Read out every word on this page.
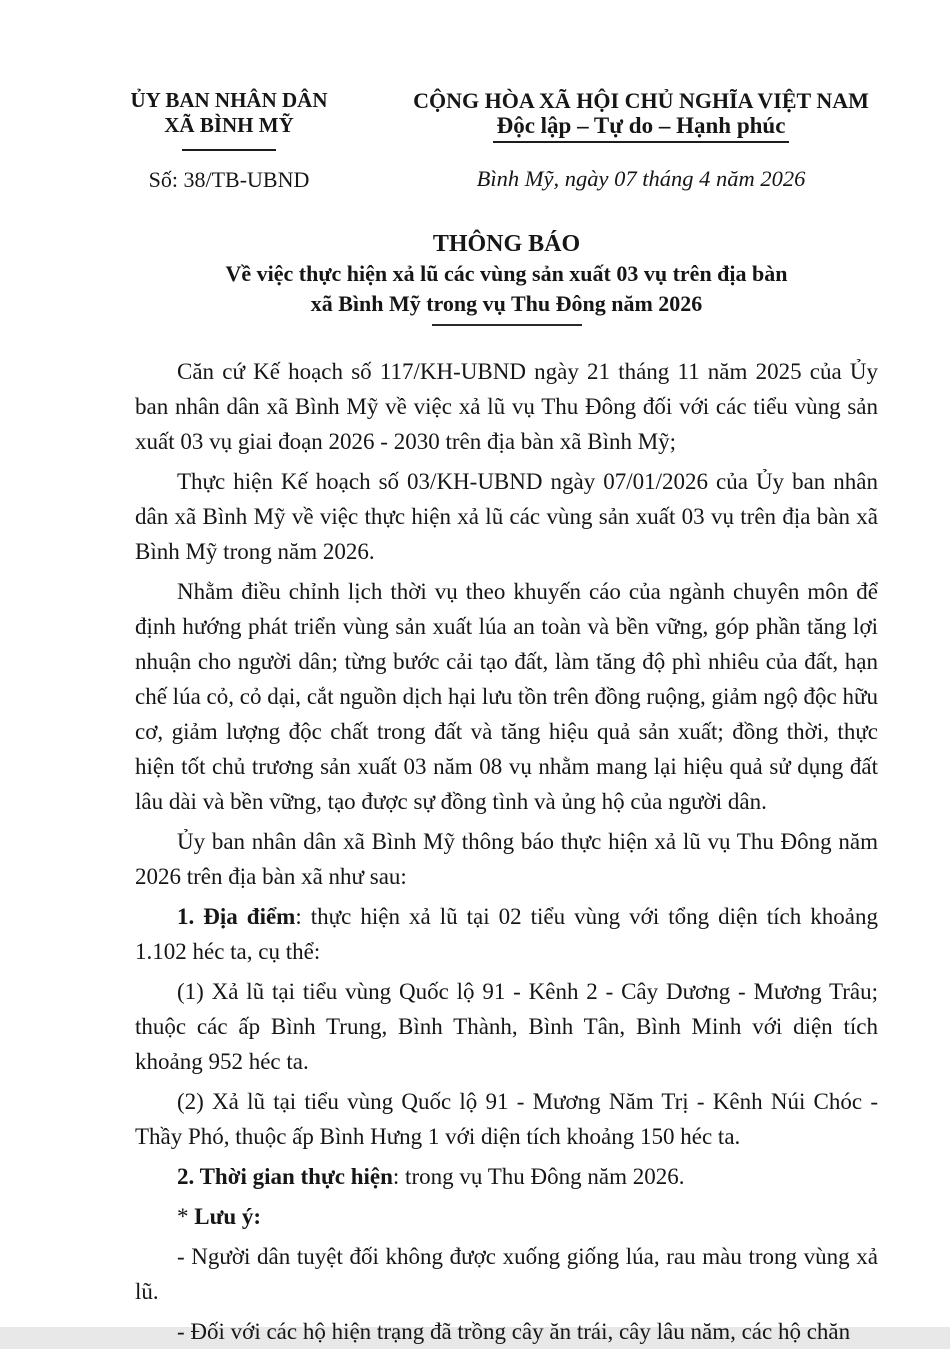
ỦY BAN NHÂN DÂN
XÃ BÌNH MỸ
Số: 38/TB-UBND
CỘNG HÒA XÃ HỘI CHỦ NGHĨA VIỆT NAM
Độc lập – Tự do – Hạnh phúc
Bình Mỹ, ngày 07 tháng 4 năm 2026
THÔNG BÁO
Về việc thực hiện xả lũ các vùng sản xuất 03 vụ trên địa bàn
xã Bình Mỹ trong vụ Thu Đông năm 2026

Căn cứ Kế hoạch số 117/KH-UBND ngày 21 tháng 11 năm 2025 của Ủy ban nhân dân xã Bình Mỹ về việc xả lũ vụ Thu Đông đối với các tiểu vùng sản xuất 03 vụ giai đoạn 2026 - 2030 trên địa bàn xã Bình Mỹ;

Thực hiện Kế hoạch số 03/KH-UBND ngày 07/01/2026 của Ủy ban nhân dân xã Bình Mỹ về việc thực hiện xả lũ các vùng sản xuất 03 vụ trên địa bàn xã Bình Mỹ trong năm 2026.

Nhằm điều chỉnh lịch thời vụ theo khuyến cáo của ngành chuyên môn để định hướng phát triển vùng sản xuất lúa an toàn và bền vững, góp phần tăng lợi nhuận cho người dân; từng bước cải tạo đất, làm tăng độ phì nhiêu của đất, hạn chế lúa cỏ, cỏ dại, cắt nguồn dịch hại lưu tồn trên đồng ruộng, giảm ngộ độc hữu cơ, giảm lượng độc chất trong đất và tăng hiệu quả sản xuất; đồng thời, thực hiện tốt chủ trương sản xuất 03 năm 08 vụ nhằm mang lại hiệu quả sử dụng đất lâu dài và bền vững, tạo được sự đồng tình và ủng hộ của người dân.

Ủy ban nhân dân xã Bình Mỹ thông báo thực hiện xả lũ vụ Thu Đông năm 2026 trên địa bàn xã như sau:

1. Địa điểm: thực hiện xả lũ tại 02 tiểu vùng với tổng diện tích khoảng 1.102 héc ta, cụ thể:

(1) Xả lũ tại tiểu vùng Quốc lộ 91 - Kênh 2 - Cây Dương - Mương Trâu; thuộc các ấp Bình Trung, Bình Thành, Bình Tân, Bình Minh với diện tích khoảng 952 héc ta.

(2) Xả lũ tại tiểu vùng Quốc lộ 91 - Mương Năm Trị - Kênh Núi Chóc - Thầy Phó, thuộc ấp Bình Hưng 1 với diện tích khoảng 150 héc ta.

2. Thời gian thực hiện: trong vụ Thu Đông năm 2026.

* Lưu ý:

- Người dân tuyệt đối không được xuống giống lúa, rau màu trong vùng xả lũ.

- Đối với các hộ hiện trạng đã trồng cây ăn trái, cây lâu năm, các hộ chăn
